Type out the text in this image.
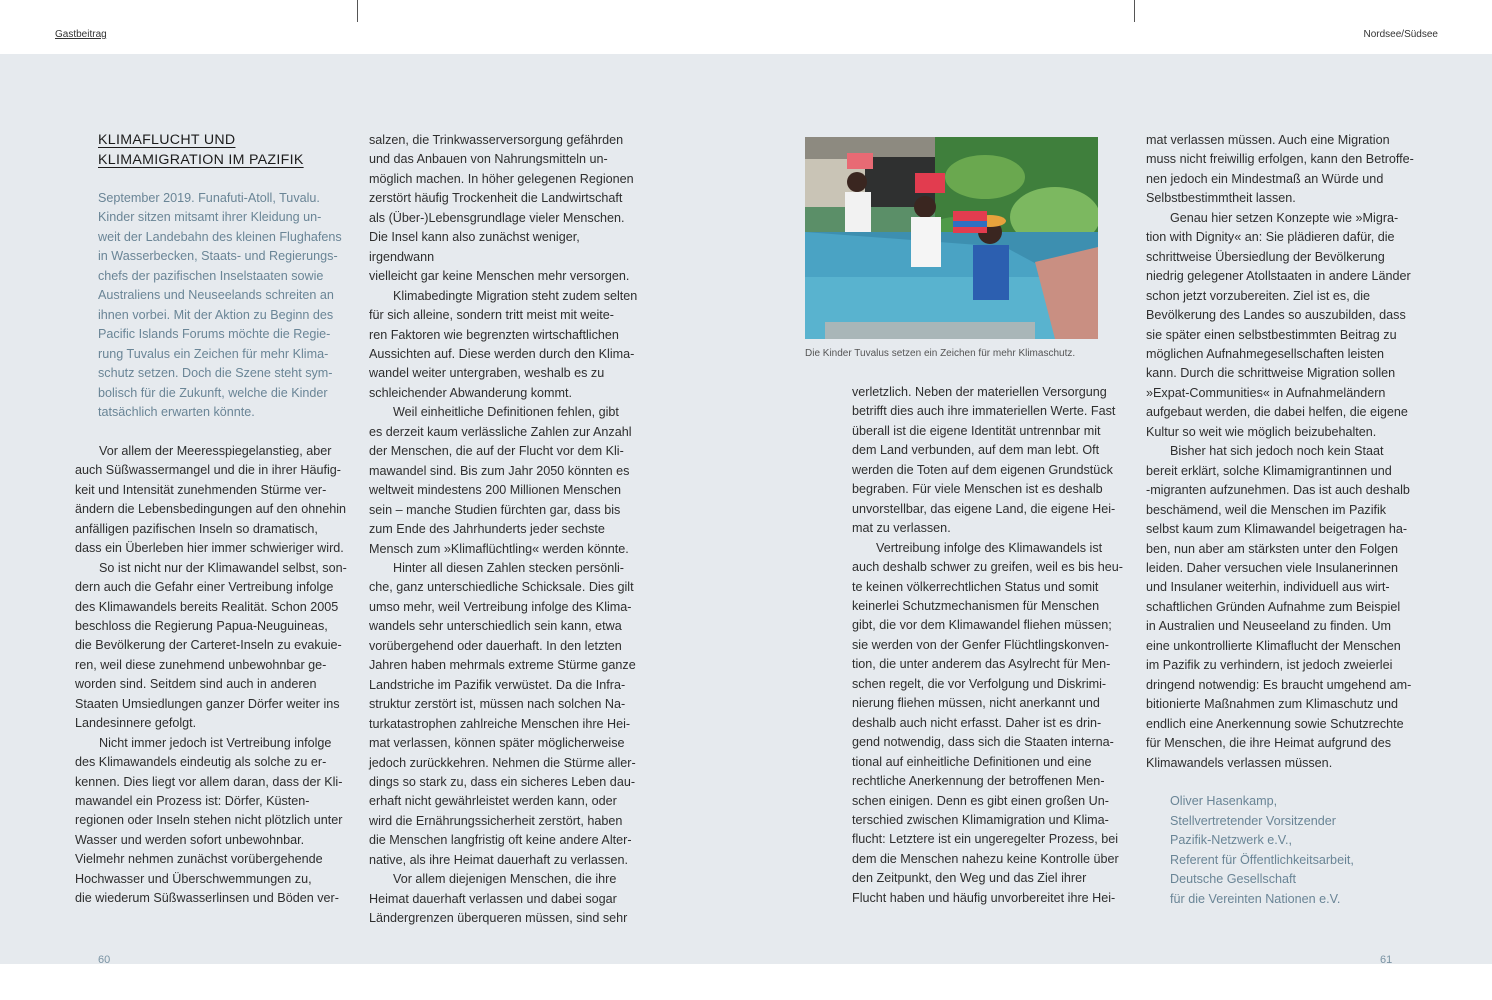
Gastbeitrag	Nordsee/Südsee
KLIMAFLUCHT UND
KLIMAMIGRATION IM PAZIFIK
September 2019. Funafuti-Atoll, Tuvalu.
Kinder sitzen mitsamt ihrer Kleidung un-
weit der Landebahn des kleinen Flughafens
in Wasserbecken, Staats- und Regierungs-
chefs der pazifischen Inselstaaten sowie
Australiens und Neuseelands schreiten an
ihnen vorbei. Mit der Aktion zu Beginn des
Pacific Islands Forums möchte die Regie-
rung Tuvalus ein Zeichen für mehr Klima-
schutz setzen. Doch die Szene steht sym-
bolisch für die Zukunft, welche die Kinder
tatsächlich erwarten könnte.
Vor allem der Meeresspiegelanstieg, aber
auch Süßwassermangel und die in ihrer Häufig-
keit und Intensität zunehmenden Stürme ver-
ändern die Lebensbedingungen auf den ohnehin
anfälligen pazifischen Inseln so dramatisch,
dass ein Überleben hier immer schwieriger wird.
So ist nicht nur der Klimawandel selbst, son-
dern auch die Gefahr einer Vertreibung infolge
des Klimawandels bereits Realität. Schon 2005
beschloss die Regierung Papua-Neuguineas,
die Bevölkerung der Carteret-Inseln zu evakuie-
ren, weil diese zunehmend unbewohnbar ge-
worden sind. Seitdem sind auch in anderen
Staaten Umsiedlungen ganzer Dörfer weiter ins
Landesinnere gefolgt.
Nicht immer jedoch ist Vertreibung infolge
des Klimawandels eindeutig als solche zu er-
kennen. Dies liegt vor allem daran, dass der Kli-
mawandel ein Prozess ist: Dörfer, Küsten-
regionen oder Inseln stehen nicht plötzlich unter
Wasser und werden sofort unbewohnbar.
Vielmehr nehmen zunächst vorübergehende
Hochwasser und Überschwemmungen zu,
die wiederum Süßwasserlinsen und Böden ver-
salzen, die Trinkwasserversorgung gefährden
und das Anbauen von Nahrungsmitteln un-
möglich machen. In höher gelegenen Regionen
zerstört häufig Trockenheit die Landwirtschaft
als (Über-)Lebensgrundlage vieler Menschen.
Die Insel kann also zunächst weniger, irgendwann
vielleicht gar keine Menschen mehr versorgen.
Klimabedingte Migration steht zudem selten
für sich alleine, sondern tritt meist mit weite-
ren Faktoren wie begrenzten wirtschaftlichen
Aussichten auf. Diese werden durch den Klima-
wandel weiter untergraben, weshalb es zu
schleichender Abwanderung kommt.
Weil einheitliche Definitionen fehlen, gibt
es derzeit kaum verlässliche Zahlen zur Anzahl
der Menschen, die auf der Flucht vor dem Kli-
mawandel sind. Bis zum Jahr 2050 könnten es
weltweit mindestens 200 Millionen Menschen
sein – manche Studien fürchten gar, dass bis
zum Ende des Jahrhunderts jeder sechste
Mensch zum »Klimaflüchtling« werden könnte.
Hinter all diesen Zahlen stecken persönli-
che, ganz unterschiedliche Schicksale. Dies gilt
umso mehr, weil Vertreibung infolge des Klima-
wandels sehr unterschiedlich sein kann, etwa
vorübergehend oder dauerhaft. In den letzten
Jahren haben mehrmals extreme Stürme ganze
Landstriche im Pazifik verwüstet. Da die Infra-
struktur zerstört ist, müssen nach solchen Na-
turkatastrophen zahlreiche Menschen ihre Hei-
mat verlassen, können später möglicherweise
jedoch zurückkehren. Nehmen die Stürme aller-
dings so stark zu, dass ein sicheres Leben dau-
erhaft nicht gewährleistet werden kann, oder
wird die Ernährungssicherheit zerstört, haben
die Menschen langfristig oft keine andere Alter-
native, als ihre Heimat dauerhaft zu verlassen.
Vor allem diejenigen Menschen, die ihre
Heimat dauerhaft verlassen und dabei sogar
Ländergrenzen überqueren müssen, sind sehr
Die Kinder Tuvalus setzen ein Zeichen für mehr Klimaschutz.
verletzlich. Neben der materiellen Versorgung
betrifft dies auch ihre immateriellen Werte. Fast
überall ist die eigene Identität untrennbar mit
dem Land verbunden, auf dem man lebt. Oft
werden die Toten auf dem eigenen Grundstück
begraben. Für viele Menschen ist es deshalb
unvorstellbar, das eigene Land, die eigene Hei-
mat zu verlassen.
Vertreibung infolge des Klimawandels ist
auch deshalb schwer zu greifen, weil es bis heu-
te keinen völkerrechtlichen Status und somit
keinerlei Schutzmechanismen für Menschen
gibt, die vor dem Klimawandel fliehen müssen;
sie werden von der Genfer Flüchtlingskonven-
tion, die unter anderem das Asylrecht für Men-
schen regelt, die vor Verfolgung und Diskrimi-
nierung fliehen müssen, nicht anerkannt und
deshalb auch nicht erfasst. Daher ist es drin-
gend notwendig, dass sich die Staaten interna-
tional auf einheitliche Definitionen und eine
rechtliche Anerkennung der betroffenen Men-
schen einigen. Denn es gibt einen großen Un-
terschied zwischen Klimamigration und Klima-
flucht: Letztere ist ein ungeregelter Prozess, bei
dem die Menschen nahezu keine Kontrolle über
den Zeitpunkt, den Weg und das Ziel ihrer
Flucht haben und häufig unvorbereitet ihre Hei-
mat verlassen müssen. Auch eine Migration
muss nicht freiwillig erfolgen, kann den Betroffe-
nen jedoch ein Mindestmaß an Würde und
Selbstbestimmtheit lassen.
Genau hier setzen Konzepte wie »Migra-
tion with Dignity« an: Sie plädieren dafür, die
schrittweise Übersiedlung der Bevölkerung
niedrig gelegener Atollstaaten in andere Länder
schon jetzt vorzubereiten. Ziel ist es, die
Bevölkerung des Landes so auszubilden, dass
sie später einen selbstbestimmten Beitrag zu
möglichen Aufnahmegesellschaften leisten
kann. Durch die schrittweise Migration sollen
»Expat-Communities« in Aufnahmeländern
aufgebaut werden, die dabei helfen, die eigene
Kultur so weit wie möglich beizubehalten.
Bisher hat sich jedoch noch kein Staat
bereit erklärt, solche Klimamigrantinnen und
-migranten aufzunehmen. Das ist auch deshalb
beschämend, weil die Menschen im Pazifik
selbst kaum zum Klimawandel beigetragen ha-
ben, nun aber am stärksten unter den Folgen
leiden. Daher versuchen viele Insulanerinnen
und Insulaner weiterhin, individuell aus wirt-
schaftlichen Gründen Aufnahme zum Beispiel
in Australien und Neuseeland zu finden. Um
eine unkontrollierte Klimaflucht der Menschen
im Pazifik zu verhindern, ist jedoch zweierlei
dringend notwendig: Es braucht umgehend am-
bitionierte Maßnahmen zum Klimaschutz und
endlich eine Anerkennung sowie Schutzrechte
für Menschen, die ihre Heimat aufgrund des
Klimawandels verlassen müssen.
Oliver Hasenkamp,
Stellvertretender Vorsitzender
Pazifik-Netzwerk e.V.,
Referent für Öffentlichkeitsarbeit,
Deutsche Gesellschaft
für die Vereinten Nationen e.V.
60	61
